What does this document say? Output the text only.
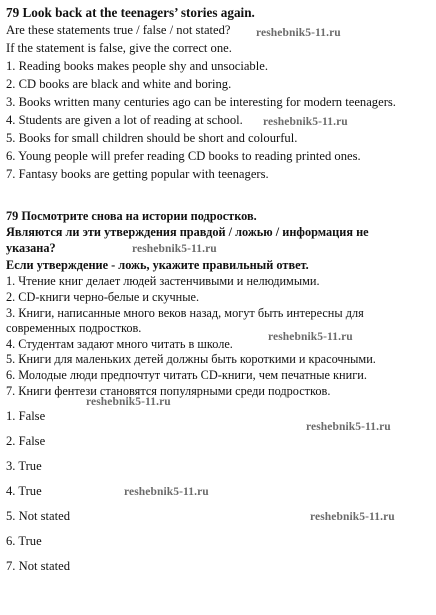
79 Look back at the teenagers’ stories again.
Are these statements true / false / not stated?
If the statement is false, give the correct one.
1. Reading books makes people shy and unsociable.
2. CD books are black and white and boring.
3. Books written many centuries ago can be interesting for modern teenagers.
4. Students are given a lot of reading at school.
5. Books for small children should be short and colourful.
6. Young people will prefer reading CD books to reading printed ones.
7. Fantasy books are getting popular with teenagers.
79 Посмотрите снова на истории подростков.
Являются ли эти утверждения правдой / ложью / информация не
указана?
Если утверждение - ложь, укажите правильный ответ.
1. Чтение книг делает людей застенчивыми и нелюдимыми.
2. CD-книги черно-белые и скучные.
3. Книги, написанные много веков назад, могут быть интересны для
современных подростков.
4. Студентам задают много читать в школе.
5. Книги для маленьких детей должны быть короткими и красочными.
6. Молодые люди предпочтут читать CD-книги, чем печатные книги.
7. Книги фентези становятся популярными среди подростков.
1. False
2. False
3. True
4. True
5. Not stated
6. True
7. Not stated
reshebnik5-11.ru
reshebnik5-11.ru
reshebnik5-11.ru
reshebnik5-11.ru
reshebnik5-11.ru
reshebnik5-11.ru
reshebnik5-11.ru
reshebnik5-11.ru
